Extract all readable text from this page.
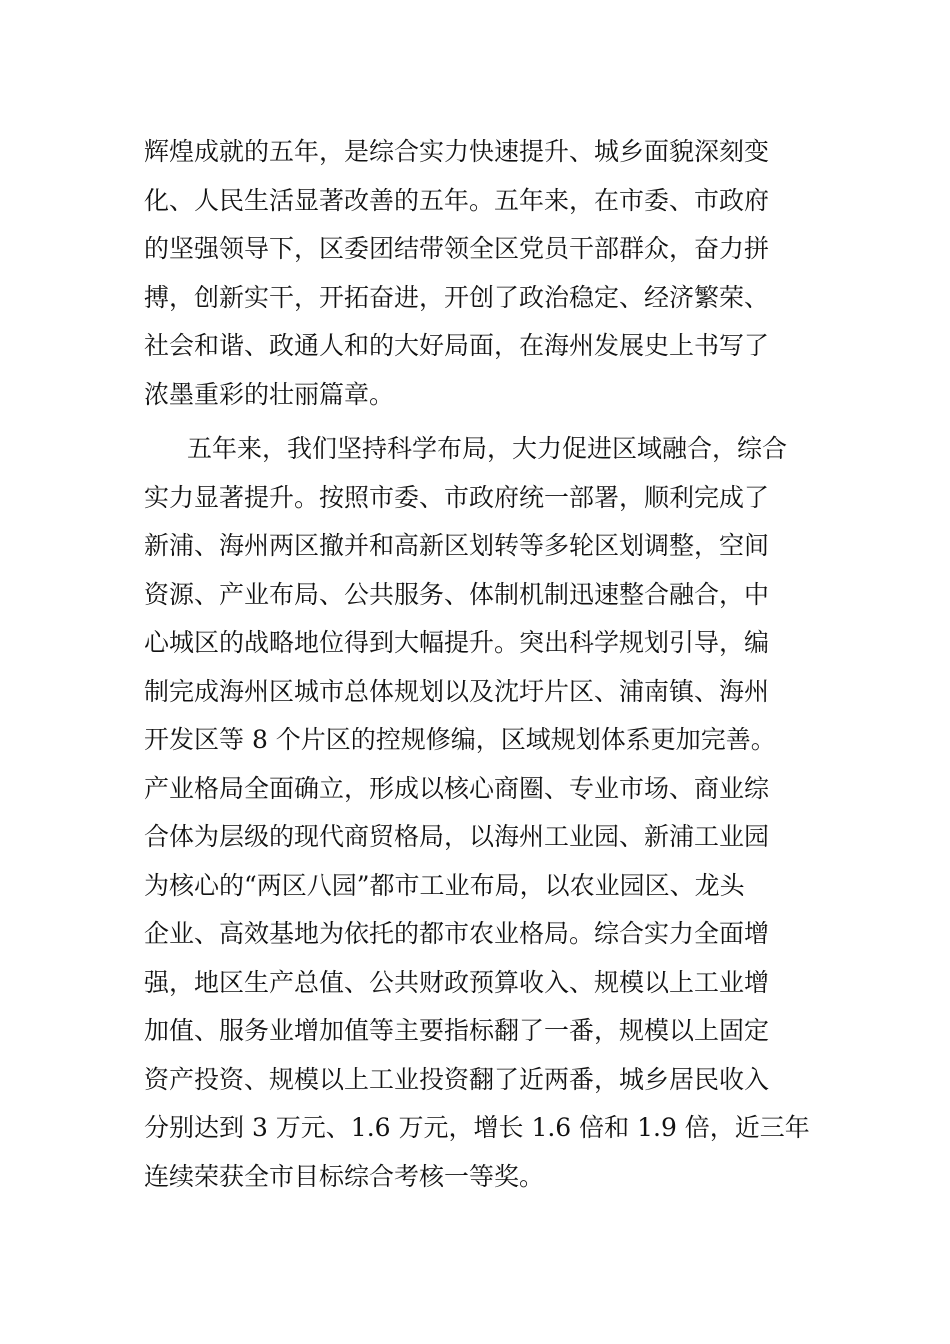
辉煌成就的五年，是综合实力快速提升、城乡面貌深刻变
化、人民生活显著改善的五年。五年来，在市委、市政府
的坚强领导下，区委团结带领全区党员干部群众，奋力拼
搏，创新实干，开拓奋进，开创了政治稳定、经济繁荣、
社会和谐、政通人和的大好局面，在海州发展史上书写了
浓墨重彩的壮丽篇章。
五年来，我们坚持科学布局，大力促进区域融合，综合
实力显著提升。按照市委、市政府统一部署，顺利完成了
新浦、海州两区撤并和高新区划转等多轮区划调整，空间
资源、产业布局、公共服务、体制机制迅速整合融合，中
心城区的战略地位得到大幅提升。突出科学规划引导，编
制完成海州区城市总体规划以及沈圩片区、浦南镇、海州
开发区等 8 个片区的控规修编，区域规划体系更加完善。
产业格局全面确立，形成以核心商圈、专业市场、商业综
合体为层级的现代商贸格局，以海州工业园、新浦工业园
为核心的“两区八园”都市工业布局，以农业园区、龙头
企业、高效基地为依托的都市农业格局。综合实力全面增
强，地区生产总值、公共财政预算收入、规模以上工业增
加值、服务业增加值等主要指标翻了一番，规模以上固定
资产投资、规模以上工业投资翻了近两番，城乡居民收入
分别达到 3 万元、1.6 万元，增长 1.6 倍和 1.9 倍，近三年
连续荣获全市目标综合考核一等奖。
